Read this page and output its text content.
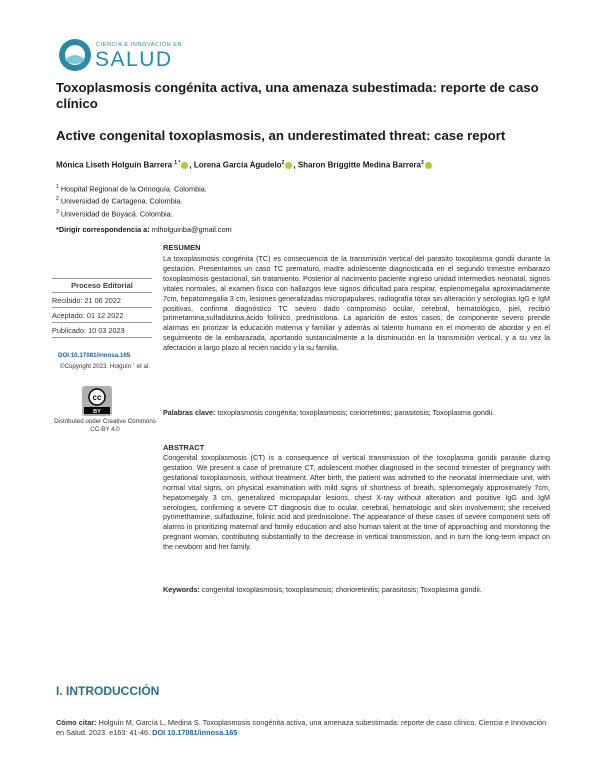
CIENCIA E INNOVACIÓN EN
SALUD
Toxoplasmosis congénita activa, una amenaza subestimada: reporte de caso clínico
Active congenital toxoplasmosis, an underestimated threat: case report
Mónica Liseth Holguín Barrera $^{1 *}$ , Lorena García Agudelo$^2$ , Sharon Briggitte Medina Barrera$^3$
$^1$ Hospital Regional de la Orinoquía. Colombia.
$^2$ Universidad de Cartagena. Colombia.
$^3$ Universidad de Boyacá. Colombia.
*Dirigir correspondencia a: mlholguinba@gmail.com
Proceso Editorial
Recibido: 21 06 2022
Aceptado: 01 12 2022
Publicado: 10 03 2023
DOI 10.17081/innosa.165
©Copyright 2023. Holguín ´ et al.
cc
BY
Distributed under Creative Commons CC-BY 4.0
RESUMEN
La toxoplasmosis congénita (TC) es consecuencia de la transmisión vertical del parasito toxoplasma gondii durante la gestación. Presentamos un caso TC prematuro, madre adolescente diagnosticada en el segundo trimestre embarazo toxoplasmosis gestacional, sin tratamiento. Posterior al nacimiento paciente ingreso unidad intermedios neonatal, signos vitales normales, al examen físico con hallazgos leve signos dificultad para respirar, esplenomegalia aproximadamente 7cm, hepatomegalia 3 cm, lesiones generalizadas micropapulares, radiografía tórax sin alteración y serologías IgG e IgM positivas, confirma diagnóstico TC severo dado compromiso ocular, cerebral, hematológico, piel, recibió pirimetamina,sulfadiazina,ácido folínico, prednisolona. La aparición de estos casos, de componente severo prende alarmas en priorizar la educación materna y familiar y además al talento humano en el momento de abordar y en el seguimiento de la embarazada, aportando sustancialmente a la disminución en la transmisión vertical, y a su vez la afectación a largo plazo al recién nacido y la su familia.
Palabras clave: toxoplasmosis congénita; toxoplasmosis; coriorretinitis; parasitosis; Toxoplasma gondii.
ABSTRACT
Congenital toxoplasmosis (CT) is a consequence of vertical transmission of the toxoplasma gondii parasite during gestation. We present a case of premature CT, adolescent mother diagnosed in the second trimester of pregnancy with gestational toxoplasmosis, without treatment. After birth, the patient was admitted to the neonatal intermediate unit, with normal vital signs, on physical examination with mild signs of shortness of breath, splenomegaly approximately 7cm, hepatomegaly 3 cm, generalized micropapular lesions, chest X-ray without alteration and positive IgG and IgM serologies, confirming a severe CT diagnosis due to ocular, cerebral, hematologic and skin involvement; she received pyrimethamine, sulfadiazine, folinic acid and prednisolone. The appearance of these cases of severe component sets off alarms in prioritizing maternal and family education and also human talent at the time of approaching and monitoring the pregnant woman, contributing substantially to the decrease in vertical transmission, and in turn the long-term impact on the newborn and her family.
Keywords: congenital toxoplasmosis; toxoplasmosis; chorioretinitis; parasitosis; Toxoplasma gondii.
I. INTRODUCCIÓN
Cómo citar: Holguín M, García L, Medina S. Toxoplasmosis congénita activa, una amenaza subestimada: reporte de caso clínico. Ciencia e Innovación en Salud. 2023. e163: 41-46. DOI 10.17081/innosa.165
